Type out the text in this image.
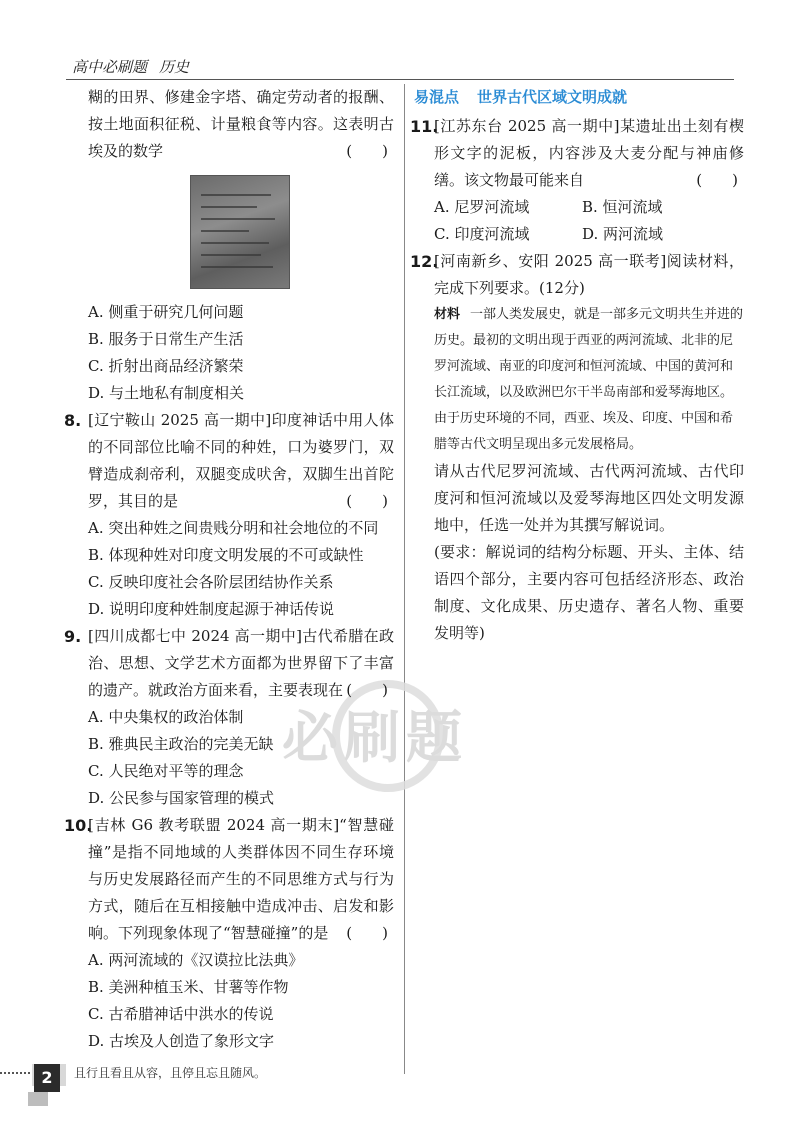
高中必刷题 历史
必刷题

糊的田界、修建金字塔、确定劳动者的报酬、按土地面积征税、计量粮食等内容。这表明古埃及的数学	(　　)

A. 侧重于研究几何问题
B. 服务于日常生产生活
C. 折射出商品经济繁荣
D. 与土地私有制度相关
8. [辽宁鞍山 2025 高一期中]印度神话中用人体的不同部位比喻不同的种姓，口为婆罗门，双臂造成刹帝利，双腿变成吠舍，双脚生出首陀罗，其目的是	(　　)

A. 突出种姓之间贵贱分明和社会地位的不同
B. 体现种姓对印度文明发展的不可或缺性
C. 反映印度社会各阶层团结协作关系
D. 说明印度种姓制度起源于神话传说
9. [四川成都七中 2024 高一期中]古代希腊在政治、思想、文学艺术方面都为世界留下了丰富的遗产。就政治方面来看，主要表现在 (　　)

A. 中央集权的政治体制
B. 雅典民主政治的完美无缺
C. 人民绝对平等的理念
D. 公民参与国家管理的模式
10.

[吉林 G6 教考联盟 2024 高一期末]“智慧碰撞”是指不同地域的人类群体因不同生存环境与历史发展路径而产生的不同思维方式与行为方式，随后在互相接触中造成冲击、启发和影响。下列现象体现了“智慧碰撞”的是 (　　)

A. 两河流域的《汉谟拉比法典》
B. 美洲种植玉米、甘薯等作物
C. 古希腊神话中洪水的传说
D. 古埃及人创造了象形文字
易混点 世界古代区域文明成就
11.

[江苏东台 2025 高一期中]某遗址出土刻有楔形文字的泥板，内容涉及大麦分配与神庙修缮。该文物最可能来自	(　　)

A. 尼罗河流域	B. 恒河流域
C. 印度河流域	D. 两河流域
12.

[河南新乡、安阳 2025 高一联考]阅读材料，完成下列要求。(12分)

材料 一部人类发展史，就是一部多元文明共生并进的历史。最初的文明出现于西亚的两河流域、北非的尼罗河流域、南亚的印度河和恒河流域、中国的黄河和长江流域，以及欧洲巴尔干半岛南部和爱琴海地区。由于历史环境的不同，西亚、埃及、印度、中国和希腊等古代文明呈现出多元发展格局。

请从古代尼罗河流域、古代两河流域、古代印度河和恒河流域以及爱琴海地区四处文明发源地中，任选一处并为其撰写解说词。

(要求：解说词的结构分标题、开头、主体、结语四个部分，主要内容可包括经济形态、政治制度、文化成果、历史遗存、著名人物、重要发明等)

2	且行且看且从容，且停且忘且随风。
